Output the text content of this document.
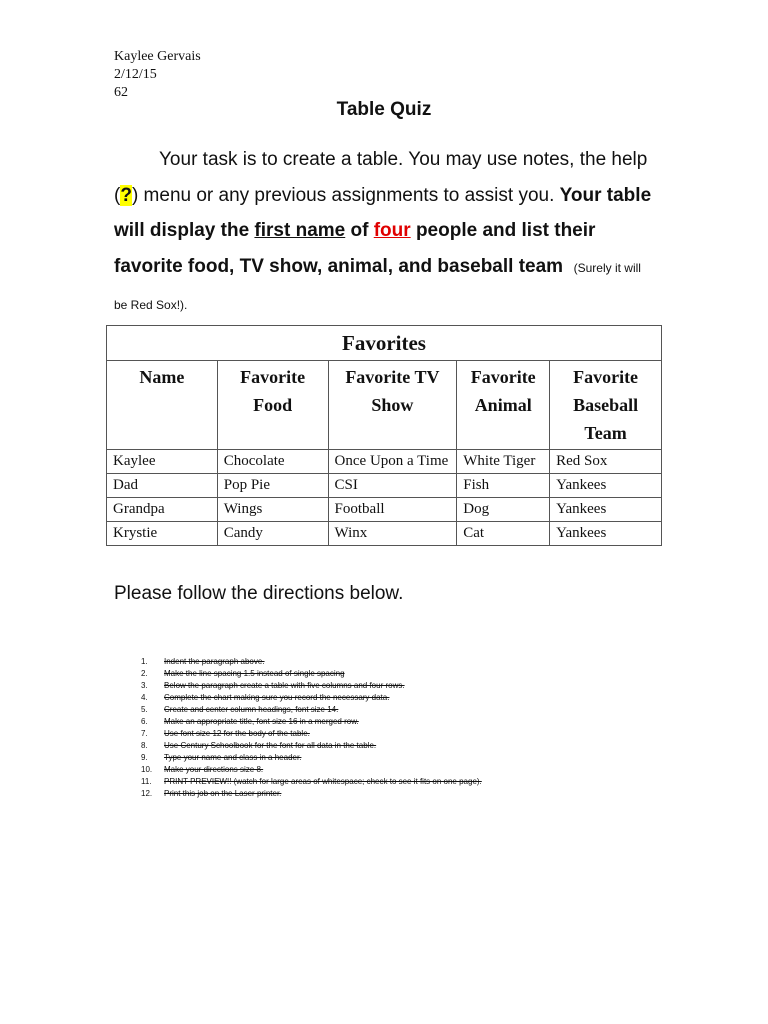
Kaylee Gervais
2/12/15
62
Table Quiz
Your task is to create a table. You may use notes, the help (?) menu or any previous assignments to assist you. Your table will display the first name of four people and list their favorite food, TV show, animal, and baseball team (Surely it will be Red Sox!).
Favorites				
Name	Favorite Food	Favorite TV Show	Favorite Animal	Favorite Baseball Team
Kaylee	Chocolate	Once Upon a Time	White Tiger	Red Sox
Dad	Pop Pie	CSI	Fish	Yankees
Grandpa	Wings	Football	Dog	Yankees
Krystie	Candy	Winx	Cat	Yankees
Please follow the directions below.
1. Indent the paragraph above.
2. Make the line spacing 1.5 instead of single spacing
3. Below the paragraph create a table with five columns and four rows.
4. Complete the chart making sure you record the necessary data.
5. Create and center column headings, font size 14.
6. Make an appropriate title, font size 16 in a merged row.
7. Use font size 12 for the body of the table.
8. Use Century Schoolbook for the font for all data in the table.
9. Type your name and class in a header.
10. Make your directions size 8.
11. PRINT PREVIEW!! (watch for large areas of whitespace; check to see it fits on one page).
12. Print this job on the Laser printer.
